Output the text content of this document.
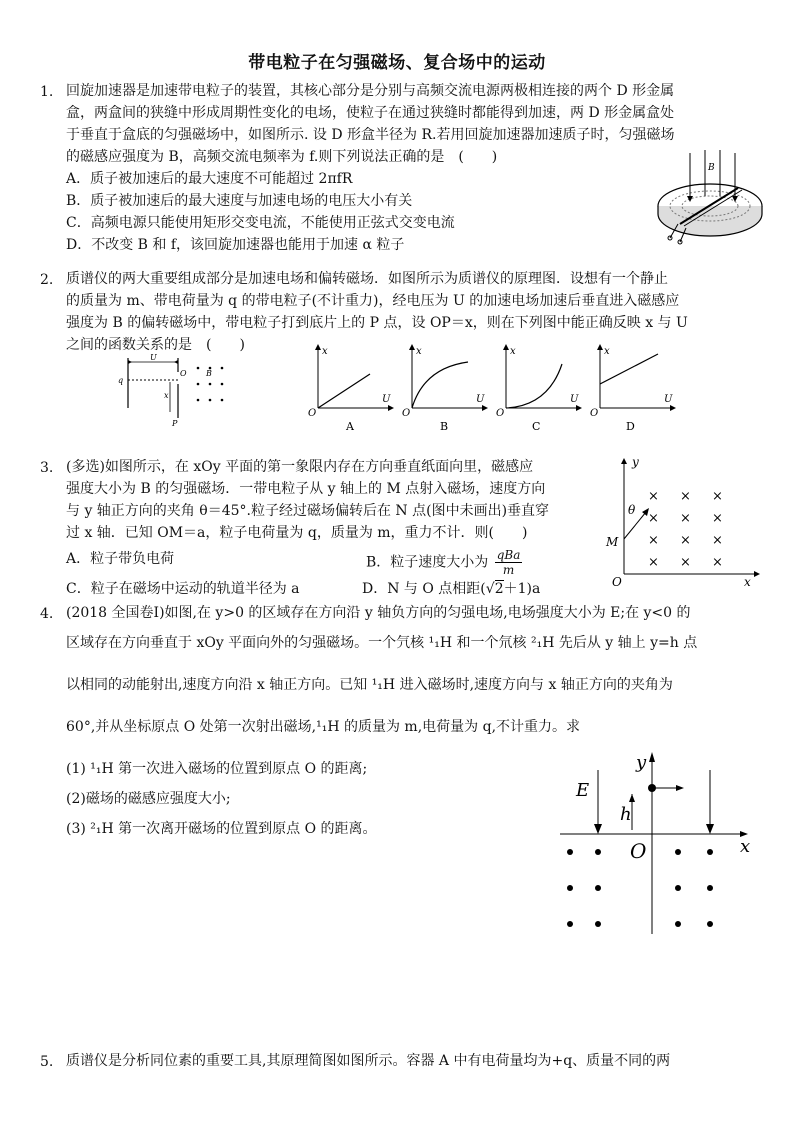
带电粒子在匀强磁场、复合场中的运动
1. 回旋加速器是加速带电粒子的装置，其核心部分是分别与高频交流电源两极相连接的两个 D 形金属
盒，两盒间的狭缝中形成周期性变化的电场，使粒子在通过狭缝时都能得到加速，两 D 形金属盒处
于垂直于盒底的匀强磁场中，如图所示. 设 D 形盒半径为 R.若用回旋加速器加速质子时，匀强磁场
的磁感应强度为 B，高频交流电频率为 f.则下列说法正确的是　(　　)
A．质子被加速后的最大速度不可能超过 2πfR
B．质子被加速后的最大速度与加速电场的电压大小有关
C．高频电源只能使用矩形交变电流，不能使用正弦式交变电流
D．不改变 B 和 f，该回旋加速器也能用于加速 α 粒子
B
2. 质谱仪的两大重要组成部分是加速电场和偏转磁场．如图所示为质谱仪的原理图．设想有一个静止
的质量为 m、带电荷量为 q 的带电粒子(不计重力)，经电压为 U 的加速电场加速后垂直进入磁感应
强度为 B 的偏转磁场中，带电粒子打到底片上的 P 点，设 OP＝x，则在下列图中能正确反映 x 与 U
之间的函数关系的是　(　　)
U
q
O B
x
P
O
x
U
A
O
x
U
B
O
x
U
C
O
x
U
D
3. (多选)如图所示，在 xOy 平面的第一象限内存在方向垂直纸面向里，磁感应
强度大小为 B 的匀强磁场．一带电粒子从 y 轴上的 M 点射入磁场，速度方向
与 y 轴正方向的夹角 θ＝45°.粒子经过磁场偏转后在 N 点(图中未画出)垂直穿
过 x 轴．已知 OM＝a，粒子电荷量为 q，质量为 m，重力不计．则(　　)
A．粒子带负电荷	B．粒子速度大小为 qBa
m
C．粒子在磁场中运动的轨道半径为 a	D．N 与 O 点相距(√2＋1)a
y
x
O
M
θ
× × ×
× × ×
× × ×
× × ×
4. (2018 全国卷Ⅰ)如图,在 y>0 的区域存在方向沿 y 轴负方向的匀强电场,电场强度大小为 E;在 y<0 的
区域存在方向垂直于 xOy 平面向外的匀强磁场。一个氕核 ¹₁H 和一个氘核 ²₁H 先后从 y 轴上 y=h 点
以相同的动能射出,速度方向沿 x 轴正方向。已知 ¹₁H 进入磁场时,速度方向与 x 轴正方向的夹角为
60°,并从坐标原点 O 处第一次射出磁场,¹₁H 的质量为 m,电荷量为 q,不计重力。求
(1) ¹₁H 第一次进入磁场的位置到原点 O 的距离;
(2)磁场的磁感应强度大小;
(3) ²₁H 第一次离开磁场的位置到原点 O 的距离。
y
x
O
E
h
5. 质谱仪是分析同位素的重要工具,其原理简图如图所示。容器 A 中有电荷量均为+q、质量不同的两
